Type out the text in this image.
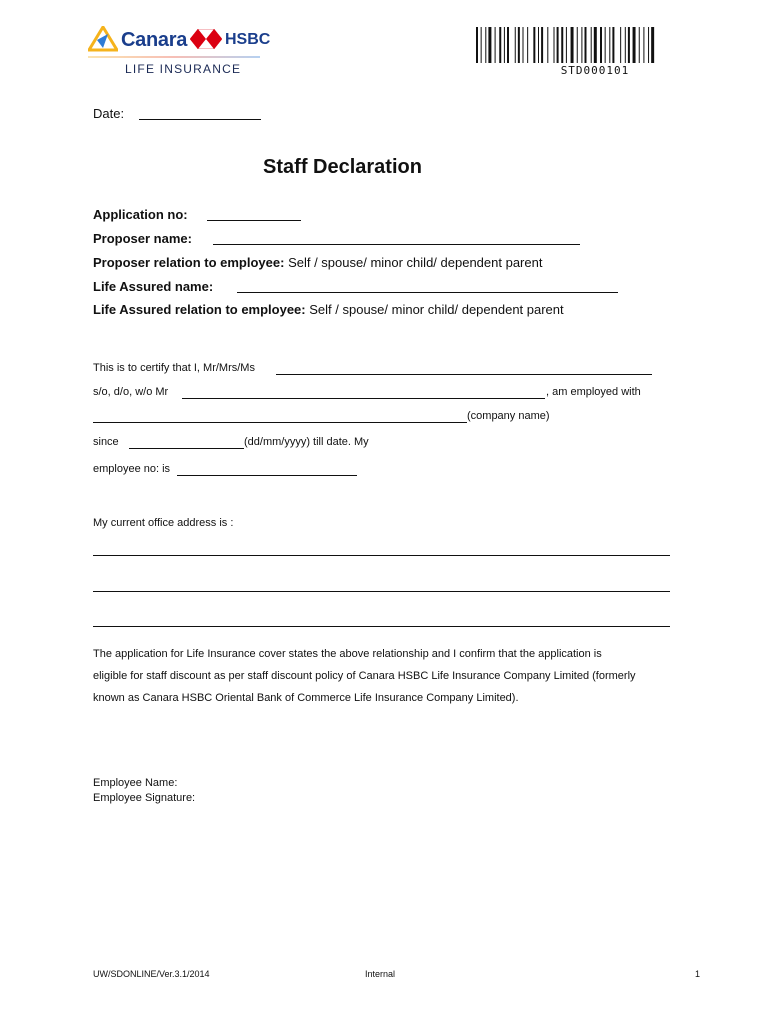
Canara HSBC
LIFE INSURANCE	STD000101
Date:
Staff Declaration
Application no:
Proposer name:
Proposer relation to employee: Self / spouse/ minor child/ dependent parent
Life Assured name:
Life Assured relation to employee: Self / spouse/ minor child/ dependent parent
This is to certify that I, Mr/Mrs/Ms
s/o, d/o, w/o Mr	, am employed with
(company name)
since	(dd/mm/yyyy) till date. My
employee no: is
My current office address is :
The application for Life Insurance cover states the above relationship and I confirm that the application is
eligible for staff discount as per staff discount policy of Canara HSBC Life Insurance Company Limited (formerly
known as Canara HSBC Oriental Bank of Commerce Life Insurance Company Limited).
Employee Name:
Employee Signature:
UW/SDONLINE/Ver.3.1/2014	Internal	1
